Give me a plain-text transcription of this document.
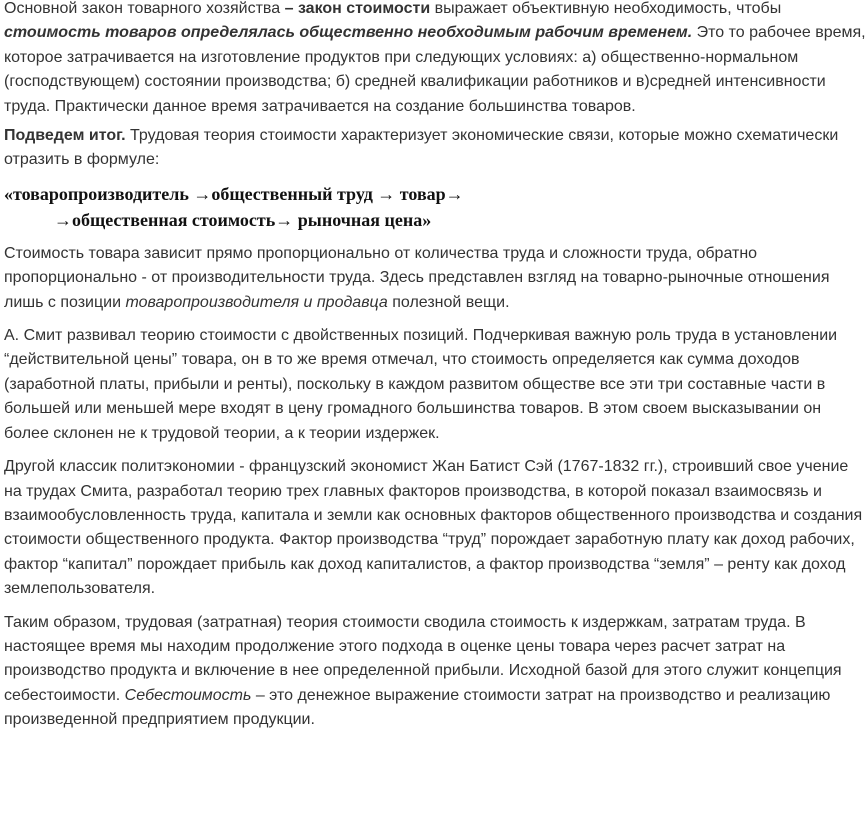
Основной закон товарного хозяйства – закон стоимости выражает объективную необходимость, чтобы стоимость товаров определялась общественно необходимым рабочим временем. Это то рабочее время, которое затрачивается на изготовление продуктов при следующих условиях: а) общественно-нормальном (господствующем) состоянии производства; б) средней квалификации работников и в)средней интенсивности труда. Практически данное время затрачивается на создание большинства товаров.

Подведем итог. Трудовая теория стоимости характеризует экономические связи, которые можно схематически отразить в формуле:

«товаропроизводитель →общественный труд → товар→
→общественная стоимость→ рыночная цена»

Стоимость товара зависит прямо пропорционально от количества труда и сложности труда, обратно пропорционально - от производительности труда. Здесь представлен взгляд на товарно-рыночные отношения лишь с позиции товаропроизводителя и продавца полезной вещи.

А. Смит развивал теорию стоимости с двойственных позиций. Подчеркивая важную роль труда в установлении “действительной цены” товара, он в то же время отмечал, что стоимость определяется как сумма доходов (заработной платы, прибыли и ренты), поскольку в каждом развитом обществе все эти три составные части в большей или меньшей мере входят в цену громадного большинства товаров. В этом своем высказывании он более склонен не к трудовой теории, а к теории издержек.

Другой классик политэкономии - французский экономист Жан Батист Сэй (1767-1832 гг.), строивший свое учение на трудах Смита, разработал теорию трех главных факторов производства, в которой показал взаимосвязь и взаимообусловленность труда, капитала и земли как основных факторов общественного производства и создания стоимости общественного продукта. Фактор производства “труд” порождает заработную плату как доход рабочих, фактор “капитал” порождает прибыль как доход капиталистов, а фактор производства “земля” – ренту как доход землепользователя.

Таким образом, трудовая (затратная) теория стоимости сводила стоимость к издержкам, затратам труда. В настоящее время мы находим продолжение этого подхода в оценке цены товара через расчет затрат на производство продукта и включение в нее определенной прибыли. Исходной базой для этого служит концепция себестоимости. Себестоимость – это денежное выражение стоимости затрат на производство и реализацию произведенной предприятием продукции.
